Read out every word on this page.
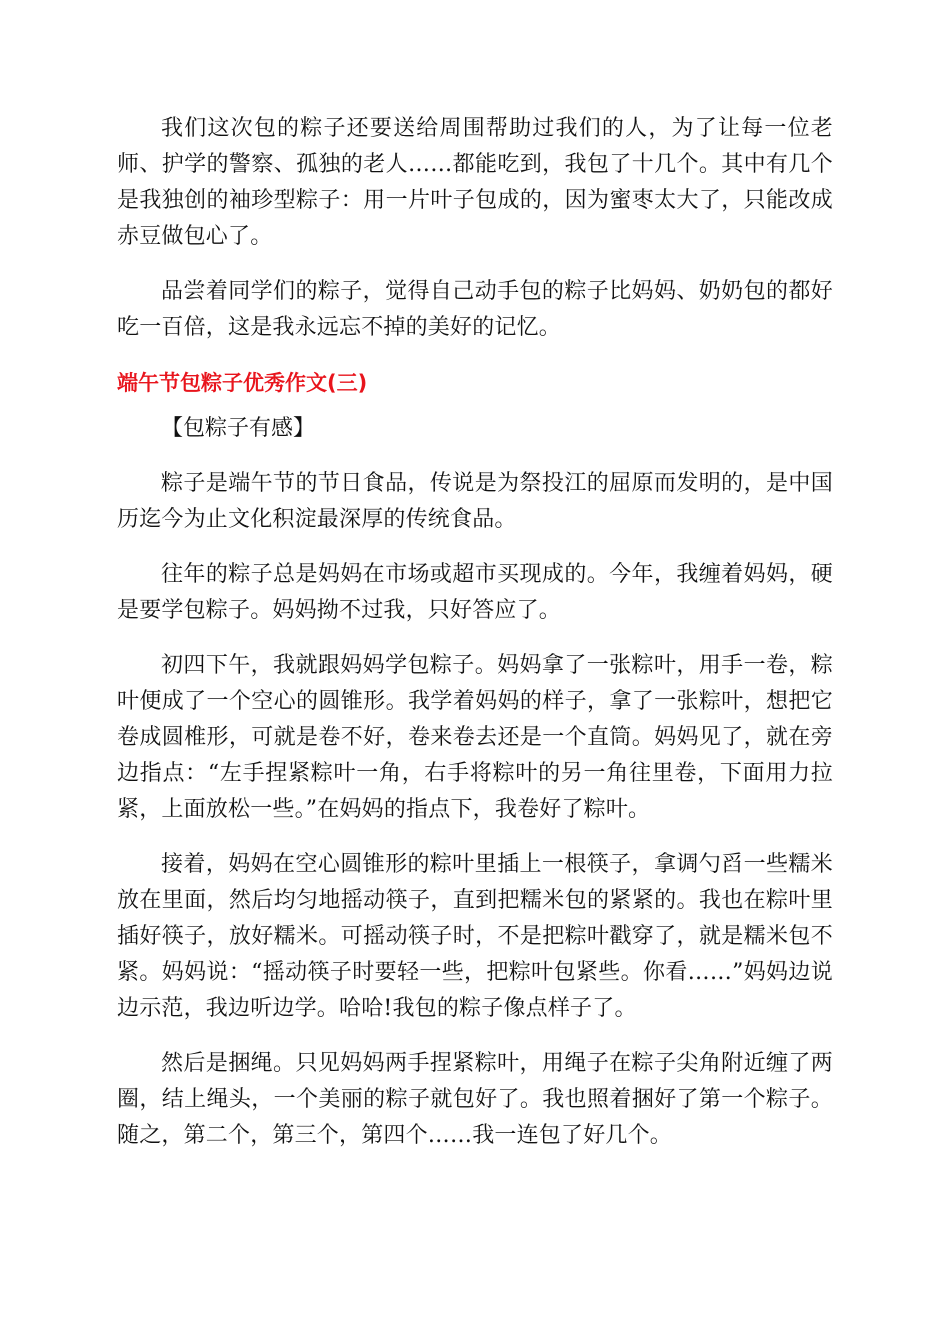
我们这次包的粽子还要送给周围帮助过我们的人，为了让每一位老师、护学的警察、孤独的老人……都能吃到，我包了十几个。其中有几个是我独创的袖珍型粽子：用一片叶子包成的，因为蜜枣太大了，只能改成赤豆做包心了。

品尝着同学们的粽子，觉得自己动手包的粽子比妈妈、奶奶包的都好吃一百倍，这是我永远忘不掉的美好的记忆。

端午节包粽子优秀作文(三)

【包粽子有感】

粽子是端午节的节日食品，传说是为祭投江的屈原而发明的，是中国历迄今为止文化积淀最深厚的传统食品。

往年的粽子总是妈妈在市场或超市买现成的。今年，我缠着妈妈，硬是要学包粽子。妈妈拗不过我，只好答应了。

初四下午，我就跟妈妈学包粽子。妈妈拿了一张粽叶，用手一卷，粽叶便成了一个空心的圆锥形。我学着妈妈的样子，拿了一张粽叶，想把它卷成圆椎形，可就是卷不好，卷来卷去还是一个直筒。妈妈见了，就在旁边指点：“左手捏紧粽叶一角，右手将粽叶的另一角往里卷，下面用力拉紧，上面放松一些。”在妈妈的指点下，我卷好了粽叶。

接着，妈妈在空心圆锥形的粽叶里插上一根筷子，拿调勺舀一些糯米放在里面，然后均匀地摇动筷子，直到把糯米包的紧紧的。我也在粽叶里插好筷子，放好糯米。可摇动筷子时，不是把粽叶戳穿了，就是糯米包不紧。妈妈说：“摇动筷子时要轻一些，把粽叶包紧些。你看……”妈妈边说边示范，我边听边学。哈哈!我包的粽子像点样子了。

然后是捆绳。只见妈妈两手捏紧粽叶，用绳子在粽子尖角附近缠了两圈，结上绳头，一个美丽的粽子就包好了。我也照着捆好了第一个粽子。随之，第二个，第三个，第四个……我一连包了好几个。
